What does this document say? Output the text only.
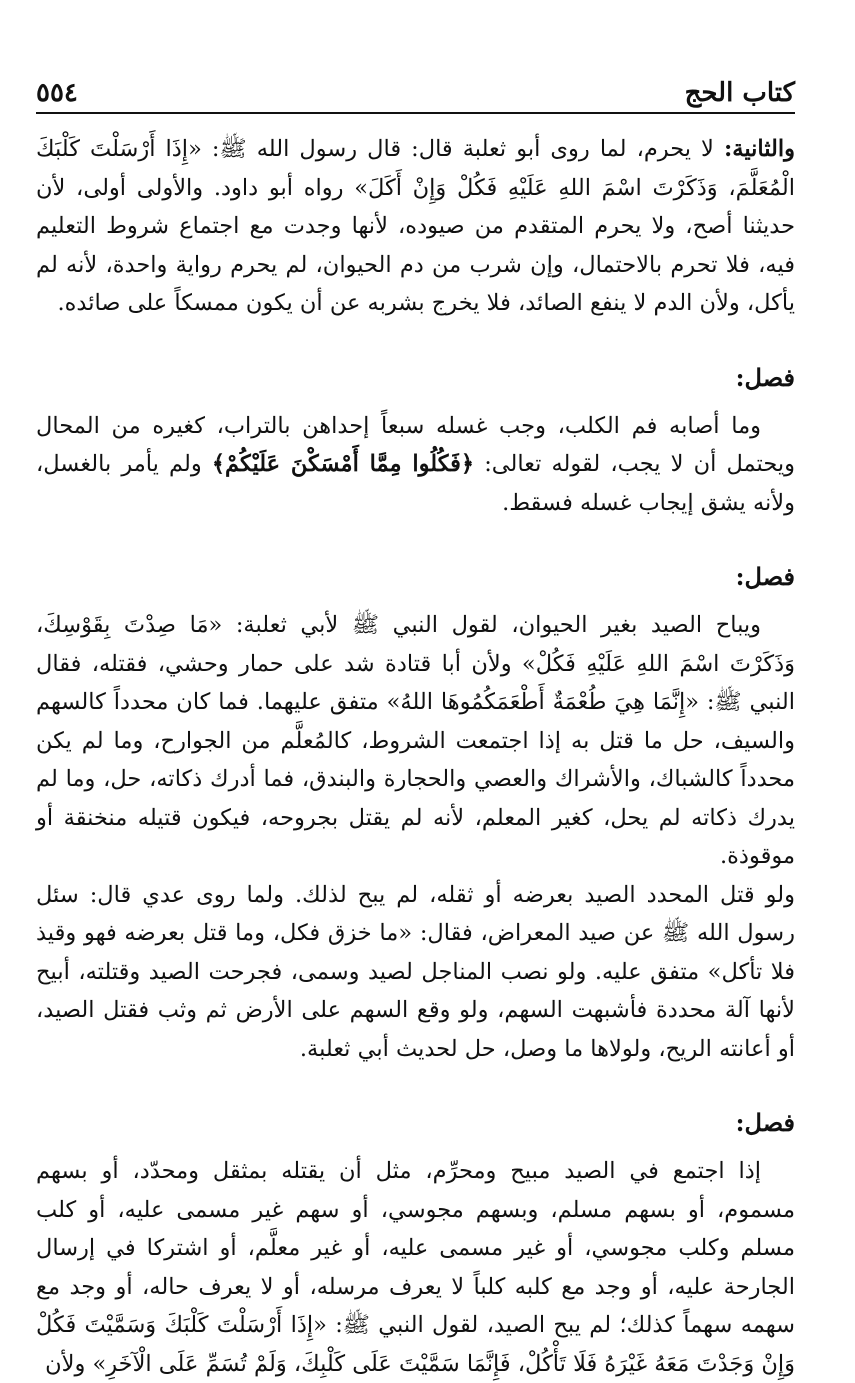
كتاب الحج
٥٥٤

والثانية: لا يحرم، لما روى أبو ثعلبة قال: قال رسول الله ﷺ: «إِذَا أَرْسَلْتَ كَلْبَكَ الْمُعَلَّمَ، وَذَكَرْتَ اسْمَ اللهِ عَلَيْهِ فَكُلْ وَإِنْ أَكَلَ» رواه أبو داود. والأولى أولى، لأن حديثنا أصح، ولا يحرم المتقدم من صيوده، لأنها وجدت مع اجتماع شروط التعليم فيه، فلا تحرم بالاحتمال، وإن شرب من دم الحيوان، لم يحرم رواية واحدة، لأنه لم يأكل، ولأن الدم لا ينفع الصائد، فلا يخرج بشربه عن أن يكون ممسكاً على صائده.

فصل:

وما أصابه فم الكلب، وجب غسله سبعاً إحداهن بالتراب، كغيره من المحال ويحتمل أن لا يجب، لقوله تعالى: ﴿فَكُلُوا مِمَّا أَمْسَكْنَ عَلَيْكُمْ﴾ ولم يأمر بالغسل، ولأنه يشق إيجاب غسله فسقط.

فصل:

ويباح الصيد بغير الحيوان، لقول النبي ﷺ لأبي ثعلبة: «مَا صِدْتَ بِقَوْسِكَ، وَذَكَرْتَ اسْمَ اللهِ عَلَيْهِ فَكُلْ» ولأن أبا قتادة شد على حمار وحشي، فقتله، فقال النبي ﷺ: «إِنَّمَا هِيَ طُعْمَةٌ أَطْعَمَكُمُوهَا اللهُ» متفق عليهما. فما كان محدداً كالسهم والسيف، حل ما قتل به إذا اجتمعت الشروط، كالمُعلَّم من الجوارح، وما لم يكن محدداً كالشباك، والأشراك والعصي والحجارة والبندق، فما أدرك ذكاته، حل، وما لم يدرك ذكاته لم يحل، كغير المعلم، لأنه لم يقتل بجروحه، فيكون قتيله منخنقة أو موقوذة.

ولو قتل المحدد الصيد بعرضه أو ثقله، لم يبح لذلك. ولما روى عدي قال: سئل رسول الله ﷺ عن صيد المعراض، فقال: «ما خزق فكل، وما قتل بعرضه فهو وقيذ فلا تأكل» متفق عليه. ولو نصب المناجل لصيد وسمى، فجرحت الصيد وقتلته، أبيح لأنها آلة محددة فأشبهت السهم، ولو وقع السهم على الأرض ثم وثب فقتل الصيد، أو أعانته الريح، ولولاها ما وصل، حل لحديث أبي ثعلبة.

فصل:

إذا اجتمع في الصيد مبيح ومحرِّم، مثل أن يقتله بمثقل ومحدّد، أو بسهم مسموم، أو بسهم مسلم، وبسهم مجوسي، أو سهم غير مسمى عليه، أو كلب مسلم وكلب مجوسي، أو غير مسمى عليه، أو غير معلَّم، أو اشتركا في إرسال الجارحة عليه، أو وجد مع كلبه كلباً لا يعرف مرسله، أو لا يعرف حاله، أو وجد مع سهمه سهماً كذلك؛ لم يبح الصيد، لقول النبي ﷺ: «إِذَا أَرْسَلْتَ كَلْبَكَ وَسَمَّيْتَ فَكُلْ وَإِنْ وَجَدْتَ مَعَهُ غَيْرَهُ فَلَا تَأْكُلْ، فَإِنَّمَا سَمَّيْتَ عَلَى كَلْبِكَ، وَلَمْ تُسَمِّ عَلَى الْآخَرِ» ولأن
